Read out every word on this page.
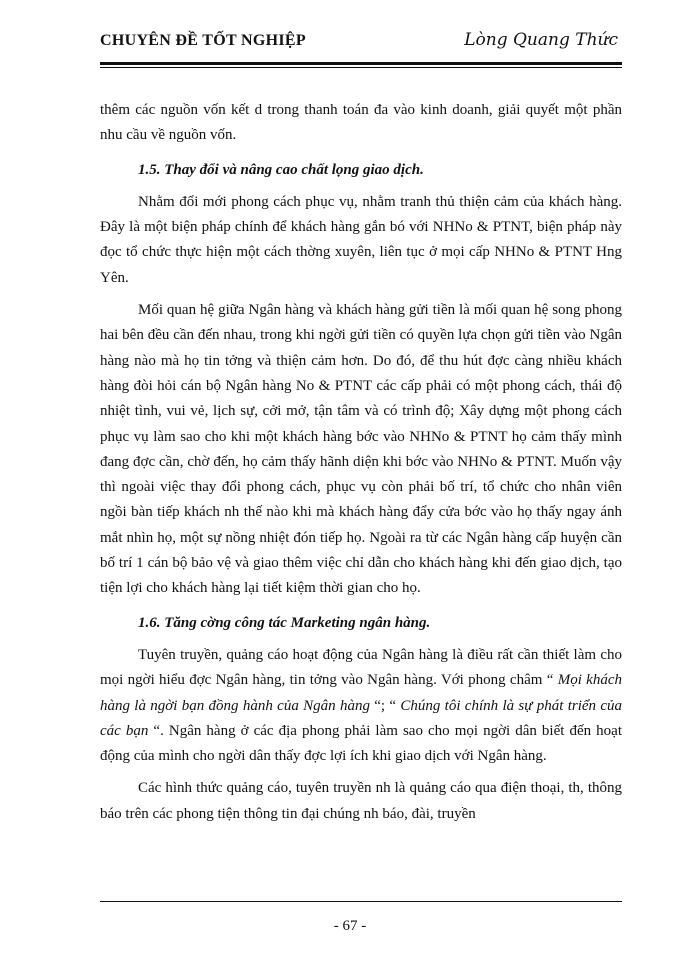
CHUYÊN ĐỀ TỐT NGHIỆP	Lòng Quang Thức

thêm các nguồn vốn kết d trong thanh toán đa vào kinh doanh, giải quyết một phần nhu cầu về nguồn vốn.

1.5. Thay đổi và nâng cao chất lọng giao dịch.

Nhằm đổi mới phong cách phục vụ, nhằm tranh thủ thiện cảm của khách hàng. Đây là một biện pháp chính để khách hàng gắn bó với NHNo & PTNT, biện pháp này đọc tổ chức thực hiện một cách thờng xuyên, liên tục ở mọi cấp NHNo & PTNT Hng Yên.

Mối quan hệ giữa Ngân hàng và khách hàng gửi tiền là mối quan hệ song phong hai bên đều cần đến nhau, trong khi ngời gửi tiền có quyền lựa chọn gửi tiền vào Ngân hàng nào mà họ tin tởng và thiện cảm hơn. Do đó, để thu hút đợc càng nhiều khách hàng đòi hỏi cán bộ Ngân hàng No & PTNT các cấp phải có một phong cách, thái độ nhiệt tình, vui vẻ, lịch sự, cởi mở, tận tâm và có trình độ; Xây dựng một phong cách phục vụ làm sao cho khi một khách hàng bớc vào NHNo & PTNT họ cảm thấy mình đang đợc cần, chờ đến, họ cảm thấy hãnh diện khi bớc vào NHNo & PTNT. Muốn vậy thì ngoài việc thay đổi phong cách, phục vụ còn phải bố trí, tổ chức cho nhân viên ngồi bàn tiếp khách nh thế nào khi mà khách hàng đẩy cửa bớc vào họ thấy ngay ánh mắt nhìn họ, một sự nồng nhiệt đón tiếp họ. Ngoài ra từ các Ngân hàng cấp huyện cần bố trí 1 cán bộ bảo vệ và giao thêm việc chỉ dẫn cho khách hàng khi đến giao dịch, tạo tiện lợi cho khách hàng lại tiết kiệm thời gian cho họ.

1.6. Tăng cờng công tác Marketing ngân hàng.

Tuyên truyền, quảng cáo hoạt động của Ngân hàng là điều rất cần thiết làm cho mọi ngời hiểu đợc Ngân hàng, tin tởng vào Ngân hàng. Với phong châm “ Mọi khách hàng là ngời bạn đồng hành của Ngân hàng “; “ Chúng tôi chính là sự phát triển của các bạn “. Ngân hàng ở các địa phong phải làm sao cho mọi ngời dân biết đến hoạt động của mình cho ngời dân thấy đợc lợi ích khi giao dịch với Ngân hàng.

Các hình thức quảng cáo, tuyên truyền nh là quảng cáo qua điện thoại, th, thông báo trên các phong tiện thông tin đại chúng nh báo, đài, truyền

- 67 -
